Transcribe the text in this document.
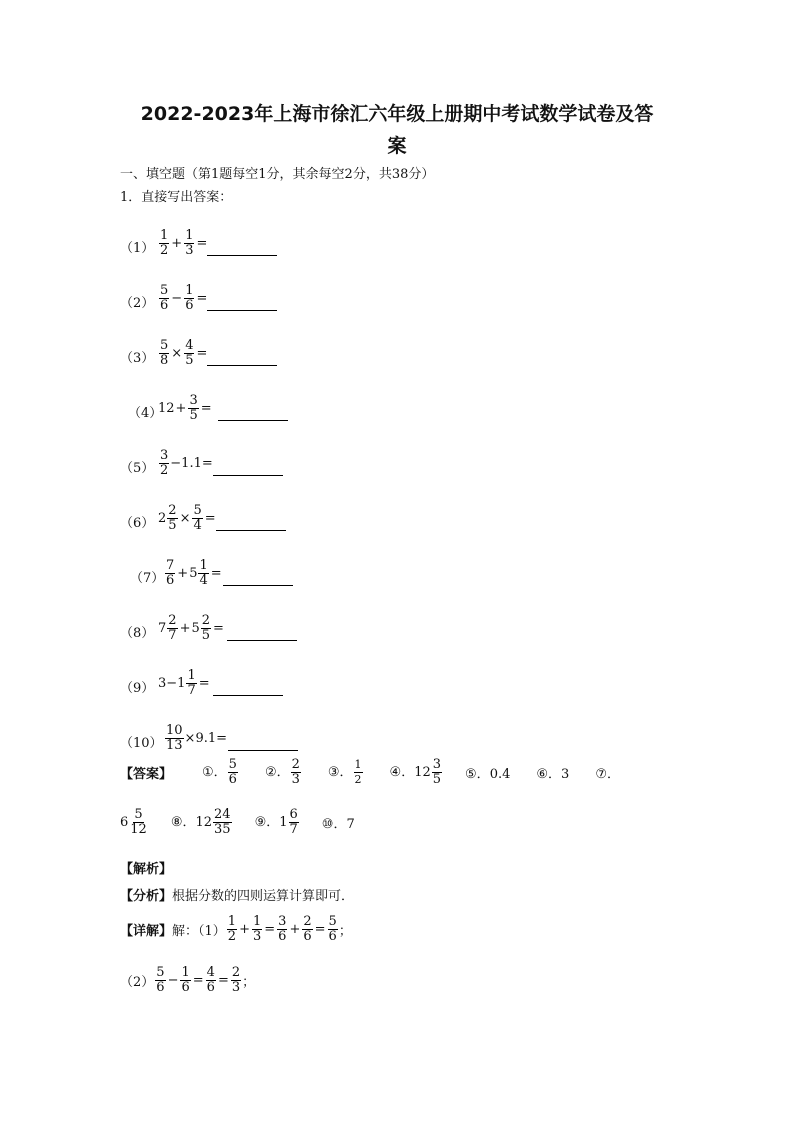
2022-2023年上海市徐汇六年级上册期中考试数学试卷及答
案
一、填空题（第1题每空1分，其余每空2分，共38分）
1．直接写出答案：
$(1) \frac{1}{2} + \frac{1}{3}$ =
$(2) \frac{5}{6} - \frac{1}{6}$ =
$(3) \frac{5}{8} \times \frac{4}{5}$ =
（4）
$12 + \frac{3}{5}$ =
$(5) \frac{3}{2} -1.1=$
（6） $2 \frac{2}{5} \times \frac{5}{4}$ =
$(7) \frac{7}{6} + 5 \frac{1}{4}$ =
（8） $7 \frac{2}{7} + 5 \frac{2}{5}$ =
（9） $3- 1 \frac{1}{7}$ =
$(10) \frac{10}{13} \times 9.1=$
【答案】 ①． $\frac{5}{6}$ ②． $\frac{2}{3}$ ③． $\frac{1}{2}$ ④．$12 \frac{3}{5}$ ⑤．0.4 ⑥．3 ⑦．
$6 \frac{5}{12}$ ⑧．$12 \frac{24}{35}$ ⑨．$1 \frac{6}{7}$ ⑩．7
【解析】
【分析】 根据分数的四则运算计算即可．
【详解】 解：$(1) \frac{1}{2} + \frac{1}{3} = \frac{3}{6} + \frac{2}{6} = \frac{5}{6}$ ；
$(2) \frac{5}{6} - \frac{1}{6} = \frac{4}{6} = \frac{2}{3}$ ；
